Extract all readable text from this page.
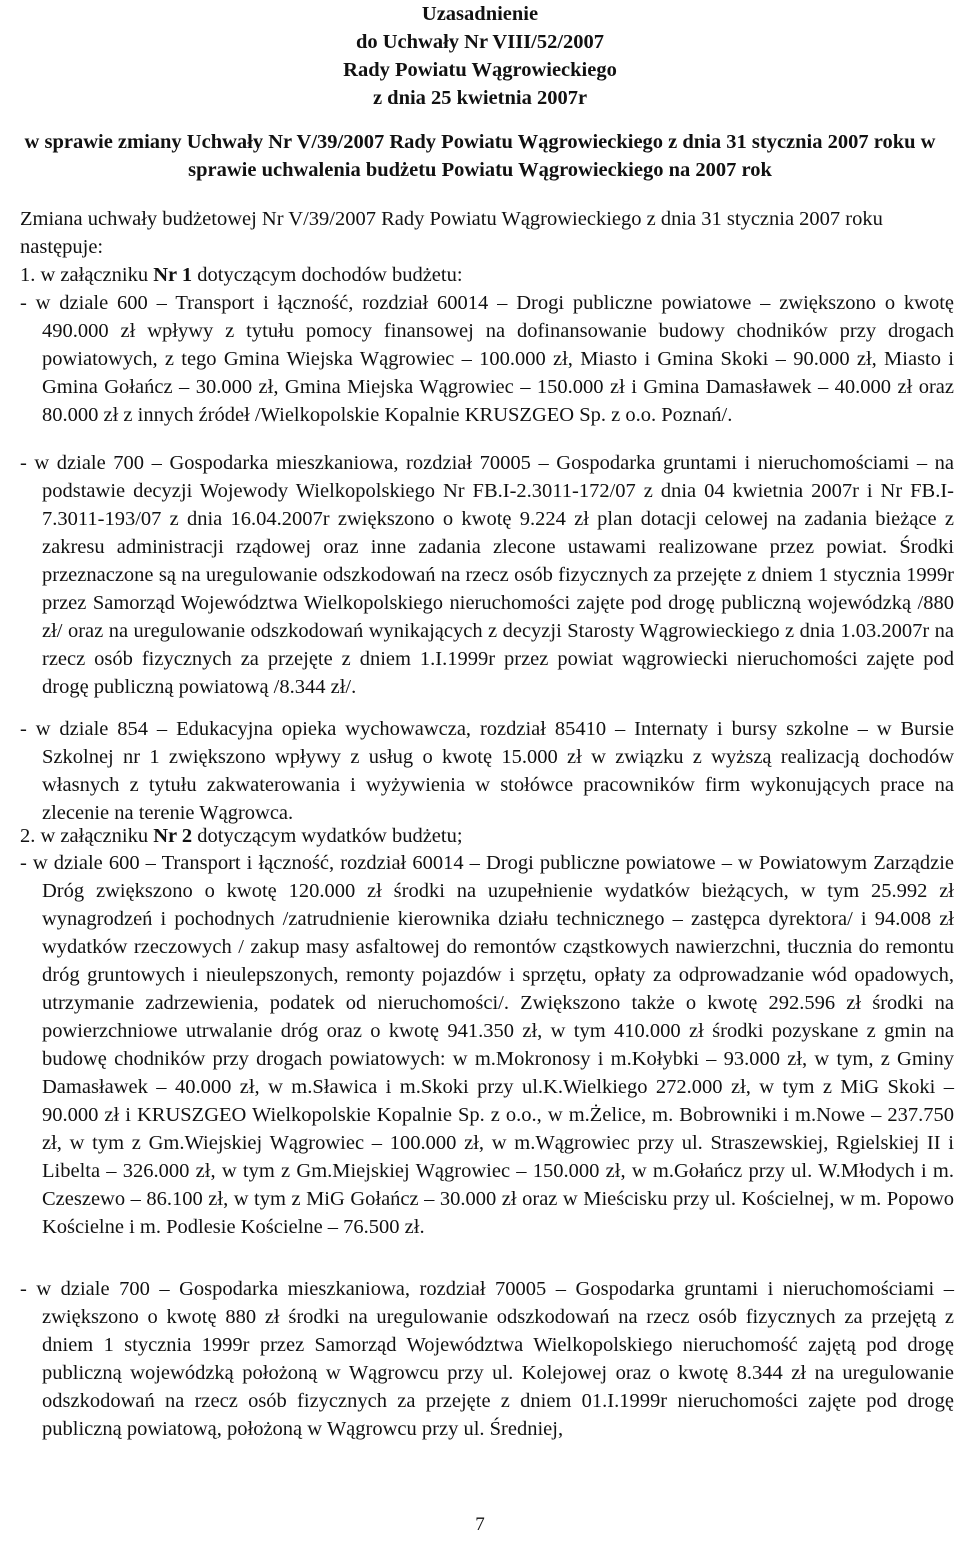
Uzasadnienie

do Uchwały Nr VIII/52/2007

Rady Powiatu Wągrowieckiego

z dnia 25 kwietnia 2007r

w sprawie zmiany Uchwały Nr V/39/2007 Rady Powiatu Wągrowieckiego z dnia 31 stycznia 2007 roku w sprawie uchwalenia budżetu Powiatu Wągrowieckiego na 2007 rok

Zmiana uchwały budżetowej Nr V/39/2007 Rady Powiatu Wągrowieckiego z dnia 31 stycznia 2007 roku następuje:

1. w załączniku Nr 1 dotyczącym dochodów budżetu:

- w dziale 600 – Transport i łączność, rozdział 60014 – Drogi publiczne powiatowe – zwiększono o kwotę 490.000 zł wpływy z tytułu pomocy finansowej na dofinansowanie budowy chodników przy drogach powiatowych, z tego Gmina Wiejska Wągrowiec – 100.000 zł, Miasto i Gmina Skoki – 90.000 zł, Miasto i Gmina Gołańcz – 30.000 zł, Gmina Miejska Wągrowiec – 150.000 zł i Gmina Damasławek – 40.000 zł oraz 80.000 zł z innych źródeł /Wielkopolskie Kopalnie KRUSZGEO Sp. z o.o. Poznań/.

- w dziale 700 – Gospodarka mieszkaniowa, rozdział 70005 – Gospodarka gruntami i nieruchomościami – na podstawie decyzji Wojewody Wielkopolskiego Nr FB.I-2.3011-172/07 z dnia 04 kwietnia 2007r i Nr FB.I-7.3011-193/07 z dnia 16.04.2007r zwiększono o kwotę 9.224 zł plan dotacji celowej na zadania bieżące z zakresu administracji rządowej oraz inne zadania zlecone ustawami realizowane przez powiat. Środki przeznaczone są na uregulowanie odszkodowań na rzecz osób fizycznych za przejęte z dniem 1 stycznia 1999r przez Samorząd Województwa Wielkopolskiego nieruchomości zajęte pod drogę publiczną wojewódzką /880 zł/ oraz na uregulowanie odszkodowań wynikających z decyzji Starosty Wągrowieckiego z dnia 1.03.2007r na rzecz osób fizycznych za przejęte z dniem 1.I.1999r przez powiat wągrowiecki nieruchomości zajęte pod drogę publiczną powiatową /8.344 zł/.

- w dziale 854 – Edukacyjna opieka wychowawcza, rozdział 85410 – Internaty i bursy szkolne – w Bursie Szkolnej nr 1 zwiększono wpływy z usług o kwotę 15.000 zł w związku z wyższą realizacją dochodów własnych z tytułu zakwaterowania i wyżywienia w stołówce pracowników firm wykonujących prace na zlecenie na terenie Wągrowca.

2. w załączniku Nr 2 dotyczącym wydatków budżetu;

- w dziale 600 – Transport i łączność, rozdział 60014 – Drogi publiczne powiatowe – w Powiatowym Zarządzie Dróg zwiększono o kwotę 120.000 zł środki na uzupełnienie wydatków bieżących, w tym 25.992 zł wynagrodzeń i pochodnych /zatrudnienie kierownika działu technicznego – zastępca dyrektora/ i 94.008 zł wydatków rzeczowych / zakup masy asfaltowej do remontów cząstkowych nawierzchni, tłucznia do remontu dróg gruntowych i nieulepszonych, remonty pojazdów i sprzętu, opłaty za odprowadzanie wód opadowych, utrzymanie zadrzewienia, podatek od nieruchomości/. Zwiększono także o kwotę 292.596 zł środki na powierzchniowe utrwalanie dróg oraz o kwotę 941.350 zł, w tym 410.000 zł środki pozyskane z gmin na budowę chodników przy drogach powiatowych: w m.Mokronosy i m.Kołybki – 93.000 zł, w tym, z Gminy Damasławek – 40.000 zł, w m.Sławica i m.Skoki przy ul.K.Wielkiego 272.000 zł, w tym z MiG Skoki – 90.000 zł i KRUSZGEO Wielkopolskie Kopalnie Sp. z o.o., w m.Żelice, m. Bobrowniki i m.Nowe – 237.750 zł, w tym z Gm.Wiejskiej Wągrowiec – 100.000 zł, w m.Wągrowiec przy ul. Straszewskiej, Rgielskiej II i Libelta – 326.000 zł, w tym z Gm.Miejskiej Wągrowiec – 150.000 zł, w m.Gołańcz przy ul. W.Młodych i m. Czeszewo – 86.100 zł, w tym z MiG Gołańcz – 30.000 zł oraz w Mieścisku przy ul. Kościelnej, w m. Popowo Kościelne i m. Podlesie Kościelne – 76.500 zł.

- w dziale 700 – Gospodarka mieszkaniowa, rozdział 70005 – Gospodarka gruntami i nieruchomościami – zwiększono o kwotę 880 zł środki na uregulowanie odszkodowań na rzecz osób fizycznych za przejętą z dniem 1 stycznia 1999r przez Samorząd Województwa Wielkopolskiego nieruchomość zajętą pod drogę publiczną wojewódzką położoną w Wągrowcu przy ul. Kolejowej oraz o kwotę 8.344 zł na uregulowanie odszkodowań na rzecz osób fizycznych za przejęte z dniem 01.I.1999r nieruchomości zajęte pod drogę publiczną powiatową, położoną w Wągrowcu przy ul. Średniej,

7
